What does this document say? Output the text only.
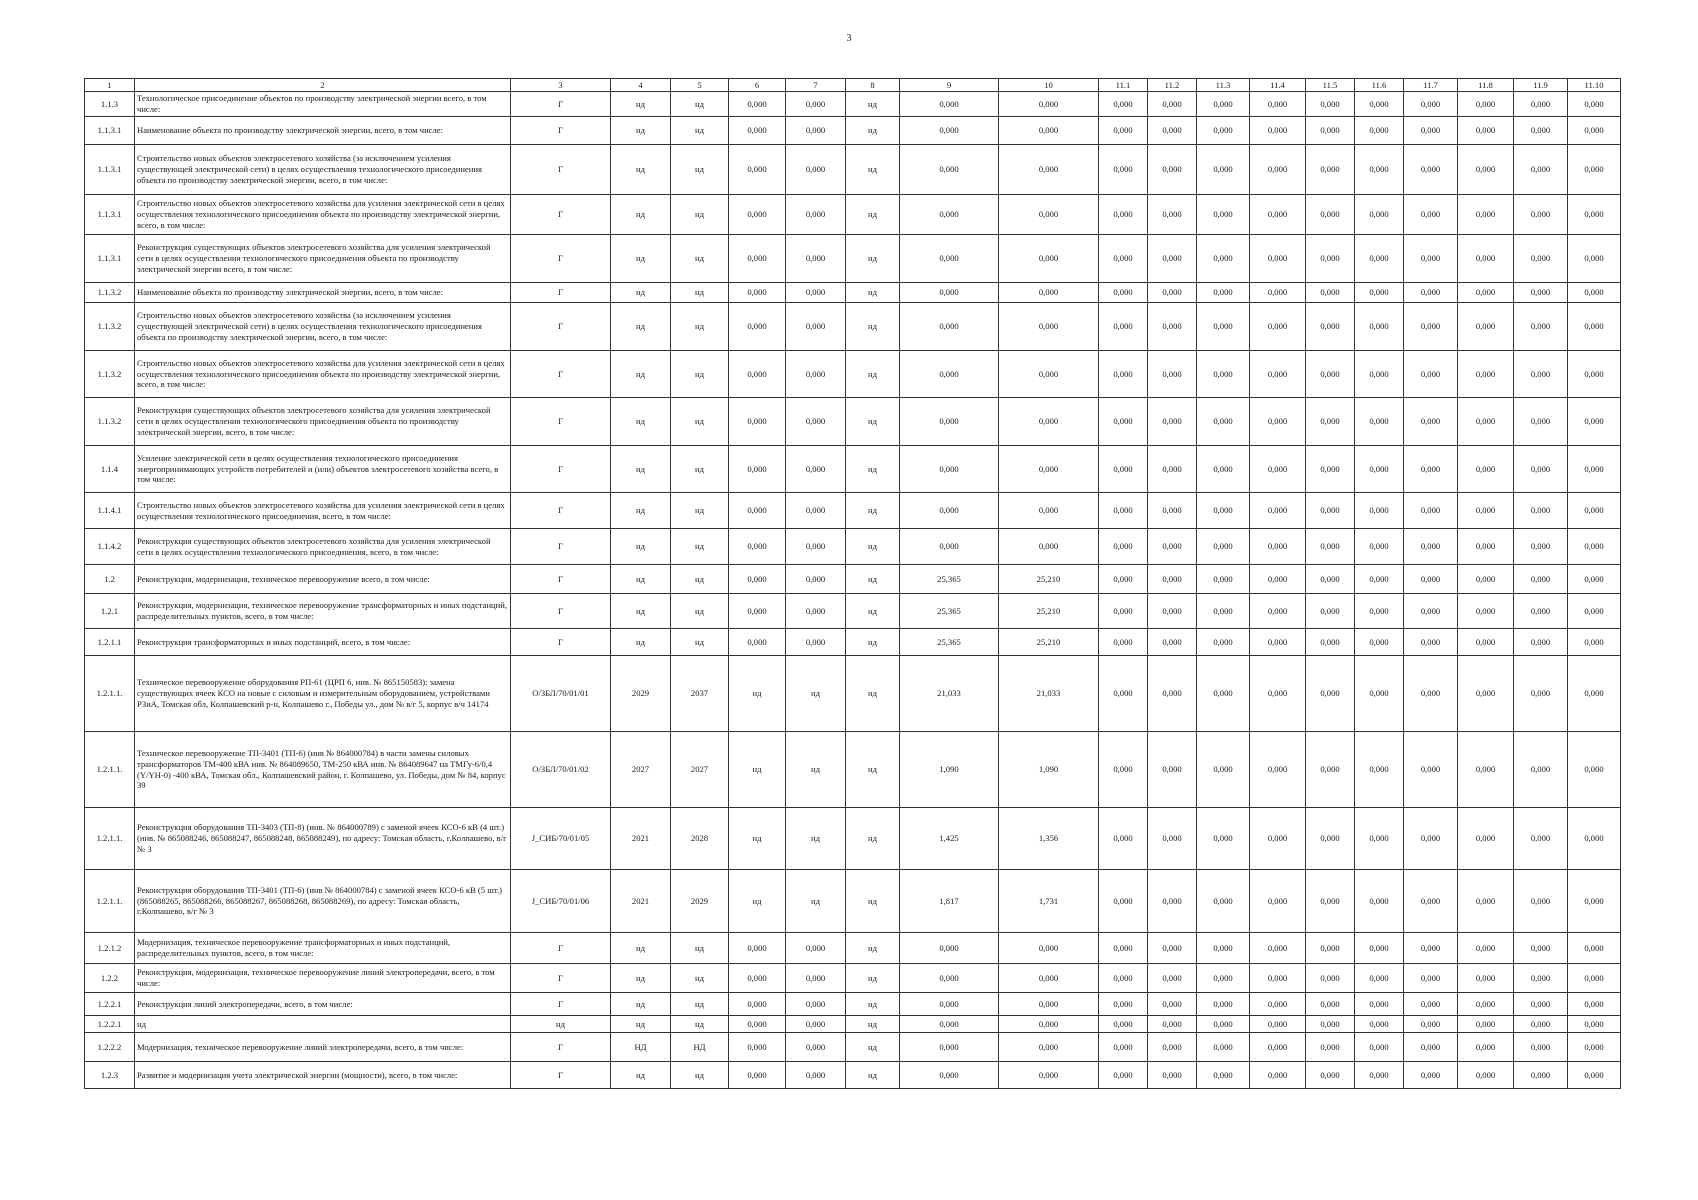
3
1	2	3	4	5	6	7	8	9	10	11.1	11.2	11.3	11.4	11.5	11.6	11.7	11.8	11.9	11.10
1.1.3	Технологическое присоединение объектов по производству электрической энергии всего, в том числе:	Г	нд	нд	0,000	0,000	нд	0,000	0,000	0,000	0,000	0,000	0,000	0,000	0,000	0,000	0,000	0,000	0,000
1.1.3.1	Наименование объекта по производству электрической энергии, всего, в том числе:	Г	нд	нд	0,000	0,000	нд	0,000	0,000	0,000	0,000	0,000	0,000	0,000	0,000	0,000	0,000	0,000	0,000
1.1.3.1	Строительство новых объектов электросетевого хозяйства (за исключением усиления существующей электрической сети) в целях осуществления технологического присоединения объекта по производству электрической энергии, всего, в том числе:	Г	нд	нд	0,000	0,000	нд	0,000	0,000	0,000	0,000	0,000	0,000	0,000	0,000	0,000	0,000	0,000	0,000
1.1.3.1	Строительство новых объектов электросетевого хозяйства для усиления электрической сети в целях осуществления технологического присоединения объекта по производству электрической энергии, всего, в том числе:	Г	нд	нд	0,000	0,000	нд	0,000	0,000	0,000	0,000	0,000	0,000	0,000	0,000	0,000	0,000	0,000	0,000
1.1.3.1	Реконструкция существующих объектов электросетевого хозяйства для усиления электрической сети в целях осуществления технологического присоединения объекта по производству электрической энергии всего, в том числе:	Г	нд	нд	0,000	0,000	нд	0,000	0,000	0,000	0,000	0,000	0,000	0,000	0,000	0,000	0,000	0,000	0,000
1.1.3.2	Наименование объекта по производству электрической энергии, всего, в том числе:	Г	нд	нд	0,000	0,000	нд	0,000	0,000	0,000	0,000	0,000	0,000	0,000	0,000	0,000	0,000	0,000	0,000
1.1.3.2	Строительство новых объектов электросетевого хозяйства (за исключением усиления существующей электрической сети) в целях осуществления технологического присоединения объекта по производству электрической энергии, всего, в том числе:	Г	нд	нд	0,000	0,000	нд	0,000	0,000	0,000	0,000	0,000	0,000	0,000	0,000	0,000	0,000	0,000	0,000
1.1.3.2	Строительство новых объектов электросетевого хозяйства для усиления электрической сети в целях осуществления технологического присоединения объекта по производству электрической энергии, всего, в том числе:	Г	нд	нд	0,000	0,000	нд	0,000	0,000	0,000	0,000	0,000	0,000	0,000	0,000	0,000	0,000	0,000	0,000
1.1.3.2	Реконструкция существующих объектов электросетевого хозяйства для усиления электрической сети в целях осуществления технологического присоединения объекта по производству электрической энергии, всего, в том числе:	Г	нд	нд	0,000	0,000	нд	0,000	0,000	0,000	0,000	0,000	0,000	0,000	0,000	0,000	0,000	0,000	0,000
1.1.4	Усиление электрической сети в целях осуществления технологического присоединения энергопринимающих устройств потребителей и (или) объектов электросетевого хозяйства всего, в том числе:	Г	нд	нд	0,000	0,000	нд	0,000	0,000	0,000	0,000	0,000	0,000	0,000	0,000	0,000	0,000	0,000	0,000
1.1.4.1	Строительство новых объектов электросетевого хозяйства для усиления электрической сети в целях осуществления технологического присоединения, всего, в том числе:	Г	нд	нд	0,000	0,000	нд	0,000	0,000	0,000	0,000	0,000	0,000	0,000	0,000	0,000	0,000	0,000	0,000
1.1.4.2	Реконструкция существующих объектов электросетевого хозяйства для усиления электрической сети в целях осуществления технологического присоединения, всего, в том числе:	Г	нд	нд	0,000	0,000	нд	0,000	0,000	0,000	0,000	0,000	0,000	0,000	0,000	0,000	0,000	0,000	0,000
1.2	Реконструкция, модернизация, техническое перевооружение всего, в том числе:	Г	нд	нд	0,000	0,000	нд	25,365	25,210	0,000	0,000	0,000	0,000	0,000	0,000	0,000	0,000	0,000	0,000
1.2.1	Реконструкция, модернизация, техническое перевооружение трансформаторных и иных подстанций, распределительных пунктов, всего, в том числе:	Г	нд	нд	0,000	0,000	нд	25,365	25,210	0,000	0,000	0,000	0,000	0,000	0,000	0,000	0,000	0,000	0,000
1.2.1.1	Реконструкция трансформаторных и иных подстанций, всего, в том числе:	Г	нд	нд	0,000	0,000	нд	25,365	25,210	0,000	0,000	0,000	0,000	0,000	0,000	0,000	0,000	0,000	0,000
1.2.1.1.	Техническое перевооружение оборудования РП-61 (ЦРП 6, инв. № 865150583): замена существующих ячеек КСО на новые с силовым и измерительным оборудованием, устройствами РЗиА, Томская обл, Колпашевский р-н, Колпашево г., Победы ул., дом № в/г 5, корпус в/ч 14174	О/ЗБЛ/70/01/01	2029	2037	нд	нд	нд	21,033	21,033	0,000	0,000	0,000	0,000	0,000	0,000	0,000	0,000	0,000	0,000
1.2.1.1.	Техническое перевооружение ТП-3401 (ТП-6) (инв № 864000784) в части замены силовых трансформаторов ТМ-400 кВА инв. № 864089650, ТМ-250 кВА инв. № 864089647 на ТМГу-6/0,4 (Y/YН-0) -400 кВА, Томская обл., Колпашевский район, г. Колпашево, ул. Победы, дом № 84, корпус 39	О/ЗБЛ/70/01/02	2027	2027	нд	нд	нд	1,090	1,090	0,000	0,000	0,000	0,000	0,000	0,000	0,000	0,000	0,000	0,000
1.2.1.1.	Реконструкция оборудования ТП-3403 (ТП-8) (инв. № 864000789) с заменой ячеек КСО-6 кВ (4 шт.) (инв. № 865088246, 865088247, 865088248, 865088249), по адресу: Томская область, г.Колпашево, в/г № 3	J_СИБ/70/01/05	2021	2028	нд	нд	нд	1,425	1,356	0,000	0,000	0,000	0,000	0,000	0,000	0,000	0,000	0,000	0,000
1.2.1.1.	Реконструкция оборудования ТП-3401 (ТП-6) (инв № 864000784) с заменой ячеек КСО-6 кВ (5 шт.) (865088265, 865088266, 865088267, 865088268, 865088269), по адресу: Томская область, г.Колпашево, в/г № 3	J_СИБ/70/01/06	2021	2029	нд	нд	нд	1,817	1,731	0,000	0,000	0,000	0,000	0,000	0,000	0,000	0,000	0,000	0,000
1.2.1.2	Модернизация, техническое перевооружение трансформаторных и иных подстанций, распределительных пунктов, всего, в том числе:	Г	нд	нд	0,000	0,000	нд	0,000	0,000	0,000	0,000	0,000	0,000	0,000	0,000	0,000	0,000	0,000	0,000
1.2.2	Реконструкция, модернизация, техническое перевооружение линий электропередачи, всего, в том числе:	Г	нд	нд	0,000	0,000	нд	0,000	0,000	0,000	0,000	0,000	0,000	0,000	0,000	0,000	0,000	0,000	0,000
1.2.2.1	Реконструкция линий электропередачи, всего, в том числе:	Г	нд	нд	0,000	0,000	нд	0,000	0,000	0,000	0,000	0,000	0,000	0,000	0,000	0,000	0,000	0,000	0,000
1.2.2.1	нд	нд	нд	нд	0,000	0,000	нд	0,000	0,000	0,000	0,000	0,000	0,000	0,000	0,000	0,000	0,000	0,000	0,000
1.2.2.2	Модернизация, техническое перевооружение линий электропередачи, всего, в том числе:	Г	НД	НД	0,000	0,000	нд	0,000	0,000	0,000	0,000	0,000	0,000	0,000	0,000	0,000	0,000	0,000	0,000
1.2.3	Развитие и модернизация учета электрической энергии (мощности), всего, в том числе:	Г	нд	нд	0,000	0,000	нд	0,000	0,000	0,000	0,000	0,000	0,000	0,000	0,000	0,000	0,000	0,000	0,000
